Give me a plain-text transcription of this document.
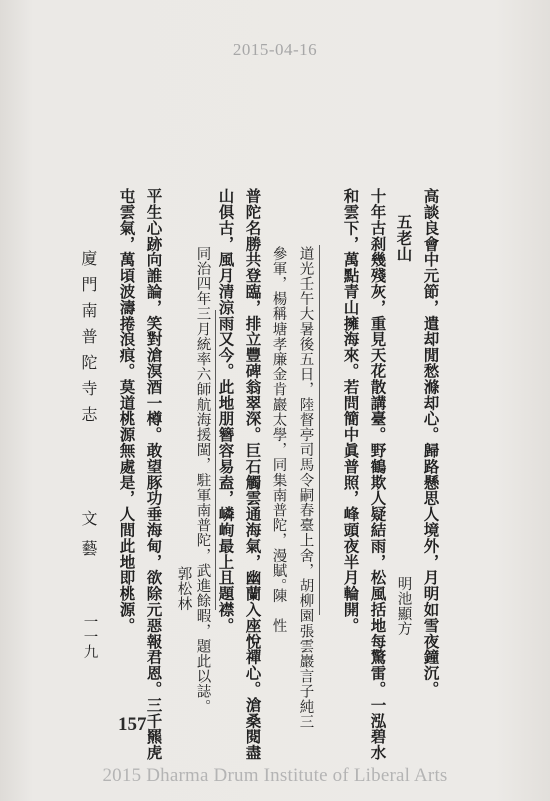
2015-04-16
高談良會中元節，遣却閒愁滌却心。歸路懸思人境外，月明如雪夜鐘沉。
五老山
明池顯方
十年古刹幾殘灰，重見天花散講臺。野鶴欺人疑結雨，松風括地每驚雷。一泓碧水
和雲下，萬點青山擁海來。若問簡中眞普照，峰頭夜半月輪開。
道光壬午大暑後五日，陸督亭司馬令嗣春臺上舍，胡柳園張雲巖言子純三
參軍，楊稱塘孝廉金肯巖太學，同集南普陀，漫賦。
陳　性
普陀名勝共登臨，排立豐碑翁翠深。巨石觸雲通海氣，幽蘭入座悅禪心。滄桑閱盡
山俱古，風月清涼雨又今。此地朋簪容易盍，嶙峋最上且題襟。
郭松林 同治四年三月統率六師航海援閩，駐軍南普陀，武進餘暇，題此以誌。
平生心跡向誰論，笑對滄溟酒一樽。敢望豚功垂海甸，欲除元惡報君恩。三千羆虎
屯雲氣，萬頃波濤捲浪痕。莫道桃源無處是，人間此地即桃源。
廈門南普陀寺志
文藝
一一九
157
2015 Dharma Drum Institute of Liberal Arts
